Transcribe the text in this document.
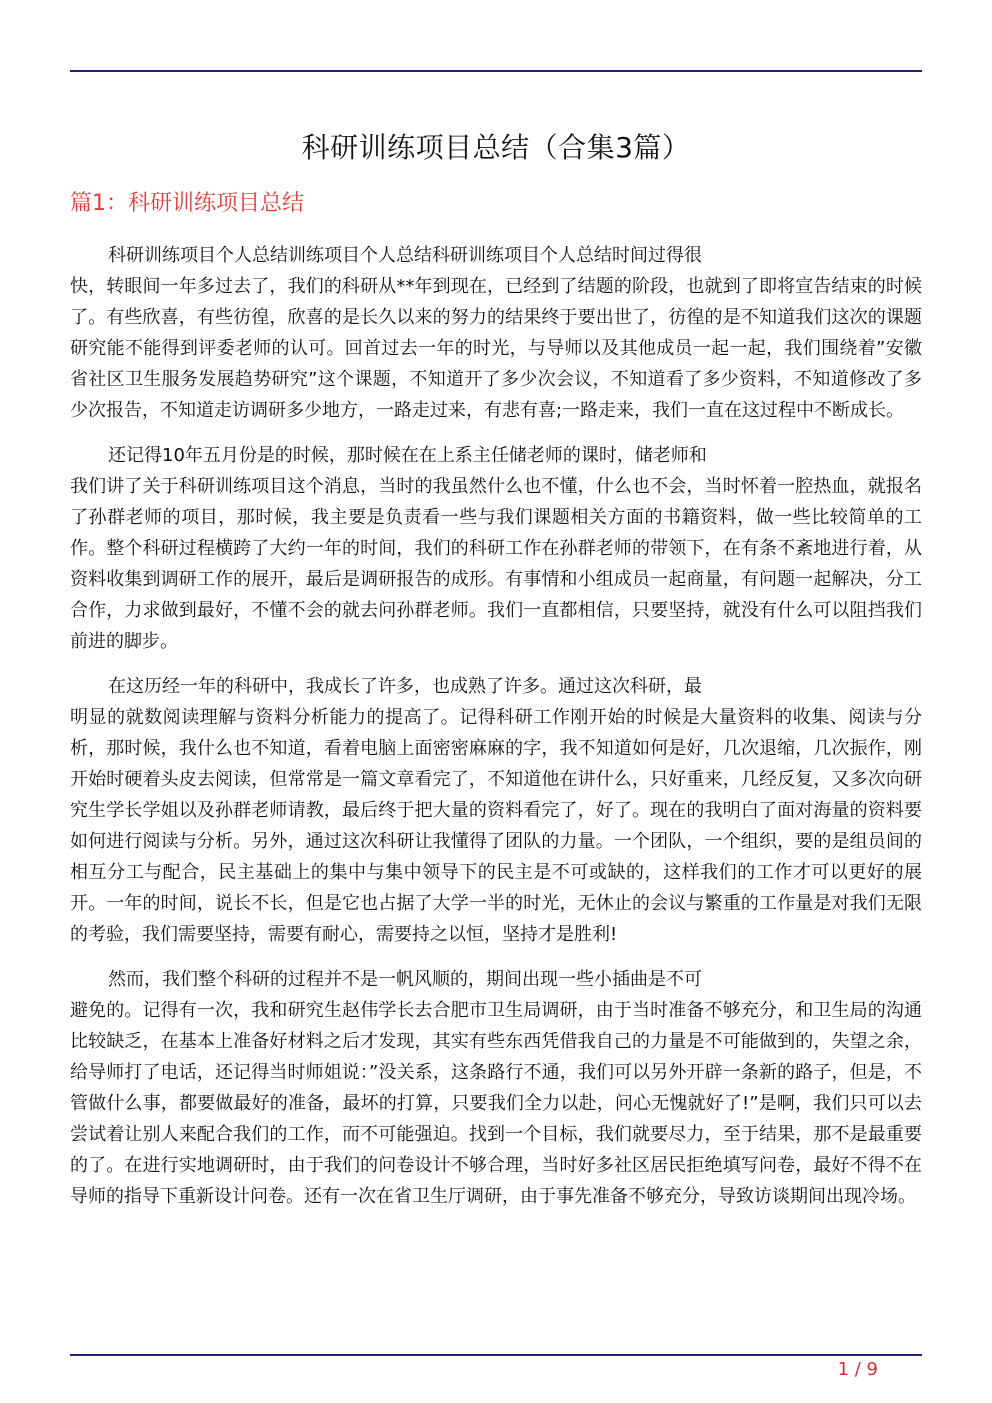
科研训练项目总结（合集3篇）
篇1：科研训练项目总结

科研训练项目个人总结训练项目个人总结科研训练项目个人总结时间过得很
快，转眼间一年多过去了，我们的科研从**年到现在，已经到了结题的阶段，也就到了即将宣告结束的时候了。有些欣喜，有些彷徨，欣喜的是长久以来的努力的结果终于要出世了，彷徨的是不知道我们这次的课题研究能不能得到评委老师的认可。回首过去一年的时光，与导师以及其他成员一起一起，我们围绕着”安徽省社区卫生服务发展趋势研究”这个课题，不知道开了多少次会议，不知道看了多少资料，不知道修改了多少次报告，不知道走访调研多少地方，一路走过来，有悲有喜;一路走来，我们一直在这过程中不断成长。

还记得10年五月份是的时候，那时候在在上系主任储老师的课时，储老师和
我们讲了关于科研训练项目这个消息，当时的我虽然什么也不懂，什么也不会，当时怀着一腔热血，就报名了孙群老师的项目，那时候，我主要是负责看一些与我们课题相关方面的书籍资料，做一些比较简单的工作。整个科研过程横跨了大约一年的时间，我们的科研工作在孙群老师的带领下，在有条不紊地进行着，从资料收集到调研工作的展开，最后是调研报告的成形。有事情和小组成员一起商量，有问题一起解决，分工合作，力求做到最好，不懂不会的就去问孙群老师。我们一直都相信，只要坚持，就没有什么可以阻挡我们前进的脚步。

在这历经一年的科研中，我成长了许多，也成熟了许多。通过这次科研，最
明显的就数阅读理解与资料分析能力的提高了。记得科研工作刚开始的时候是大量资料的收集、阅读与分析，那时候，我什么也不知道，看着电脑上面密密麻麻的字，我不知道如何是好，几次退缩，几次振作，刚开始时硬着头皮去阅读，但常常是一篇文章看完了，不知道他在讲什么，只好重来，几经反复，又多次向研究生学长学姐以及孙群老师请教，最后终于把大量的资料看完了，好了。现在的我明白了面对海量的资料要如何进行阅读与分析。另外，通过这次科研让我懂得了团队的力量。一个团队，一个组织，要的是组员间的相互分工与配合，民主基础上的集中与集中领导下的民主是不可或缺的，这样我们的工作才可以更好的展开。一年的时间，说长不长，但是它也占据了大学一半的时光，无休止的会议与繁重的工作量是对我们无限的考验，我们需要坚持，需要有耐心，需要持之以恒，坚持才是胜利!

然而，我们整个科研的过程并不是一帆风顺的，期间出现一些小插曲是不可
避免的。记得有一次，我和研究生赵伟学长去合肥市卫生局调研，由于当时准备不够充分，和卫生局的沟通比较缺乏，在基本上准备好材料之后才发现，其实有些东西凭借我自己的力量是不可能做到的，失望之余，给导师打了电话，还记得当时师姐说：”没关系，这条路行不通，我们可以另外开辟一条新的路子，但是，不管做什么事，都要做最好的准备，最坏的打算，只要我们全力以赴，问心无愧就好了!”是啊，我们只可以去尝试着让别人来配合我们的工作，而不可能强迫。找到一个目标，我们就要尽力，至于结果，那不是最重要的了。在进行实地调研时，由于我们的问卷设计不够合理，当时好多社区居民拒绝填写问卷，最好不得不在导师的指导下重新设计问卷。还有一次在省卫生厅调研，由于事先准备不够充分，导致访谈期间出现冷场。

1 / 9
